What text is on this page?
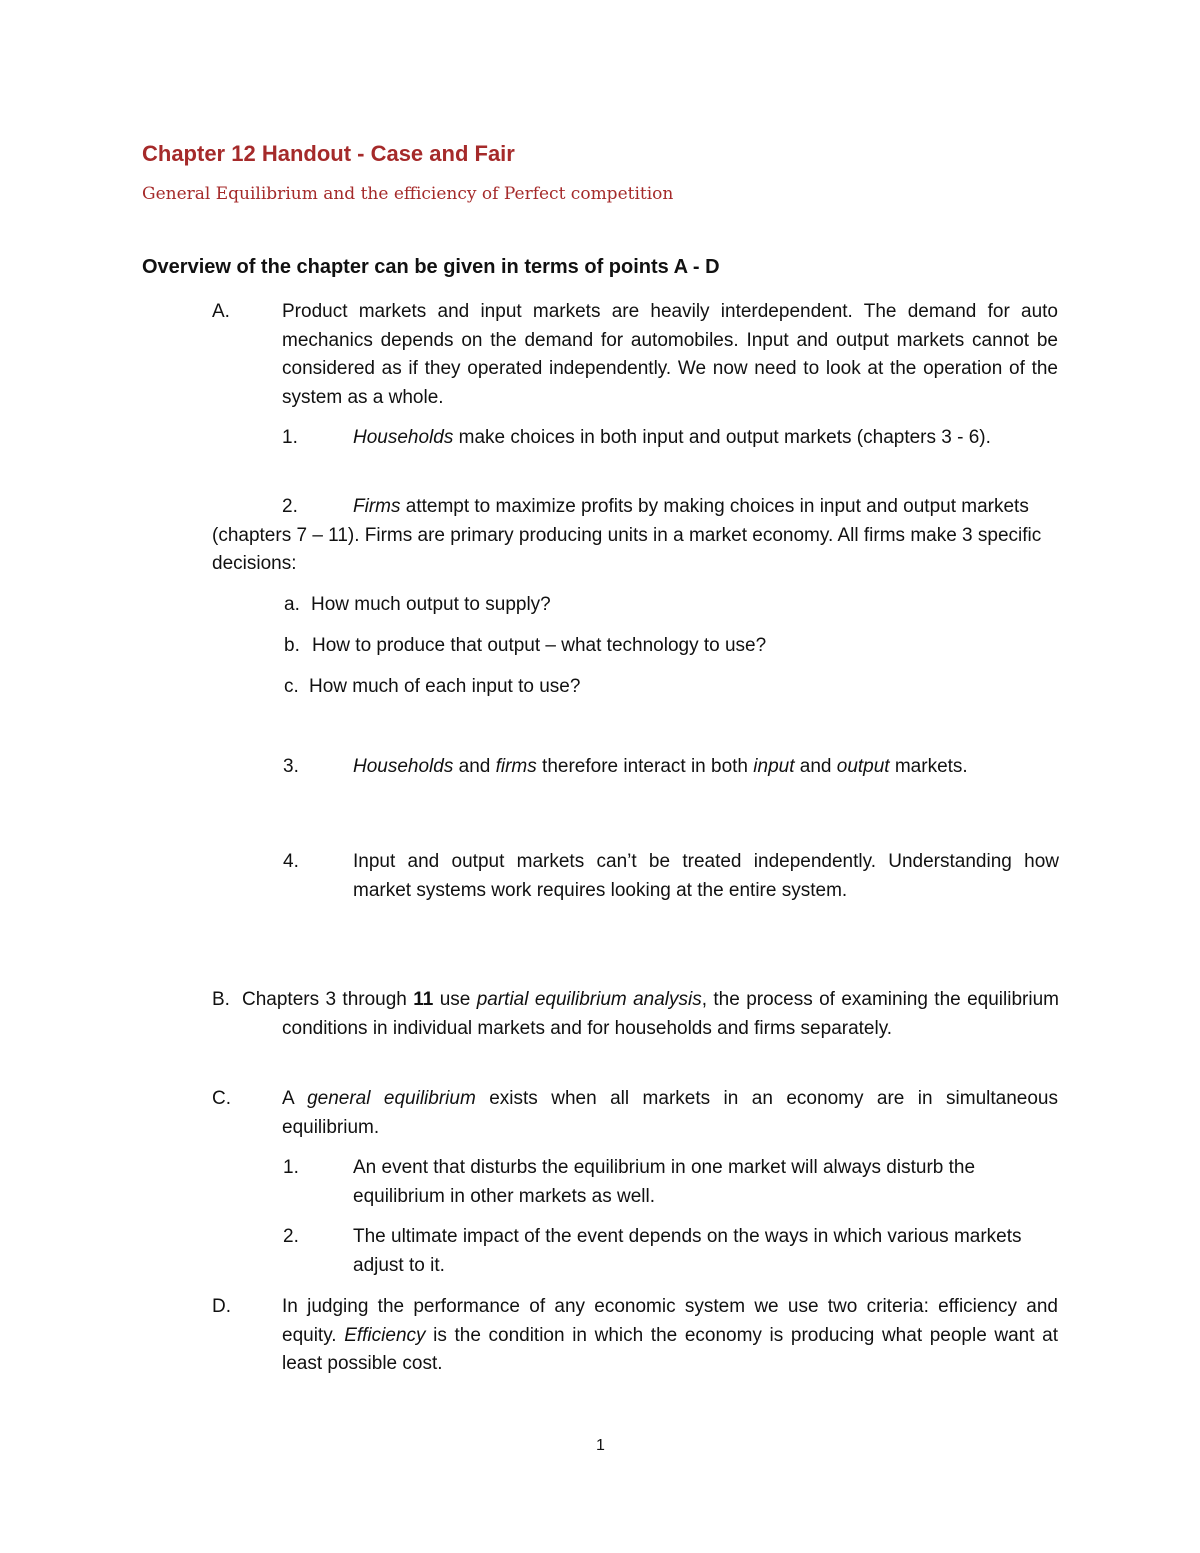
Chapter 12 Handout - Case and Fair

General Equilibrium and the efficiency of Perfect competition

Overview of the chapter can be given in terms of points A - D

A.	Product markets and input markets are heavily interdependent. The demand for auto mechanics depends on the demand for automobiles. Input and output markets cannot be considered as if they operated independently. We now need to look at the operation of the system as a whole.

1.	Households make choices in both input and output markets (chapters 3 - 6).

2.	Firms attempt to maximize profits by making choices in input and output markets (chapters 7 – 11). Firms are primary producing units in a market economy. All firms make 3 specific decisions:

a. How much output to supply?
b. How to produce that output – what technology to use?
c. How much of each input to use?
3.	Households and firms therefore interact in both input and output markets.

4.	Input and output markets can’t be treated independently. Understanding how market systems work requires looking at the entire system.

B. Chapters 3 through 11 use partial equilibrium analysis, the process of examining the equilibrium conditions in individual markets and for households and firms separately.

C.	A general equilibrium exists when all markets in an economy are in simultaneous equilibrium.

1.	An event that disturbs the equilibrium in one market will always disturb the equilibrium in other markets as well.

2.	The ultimate impact of the event depends on the ways in which various markets adjust to it.

D.	In judging the performance of any economic system we use two criteria: efficiency and equity. Efficiency is the condition in which the economy is producing what people want at least possible cost.

1
